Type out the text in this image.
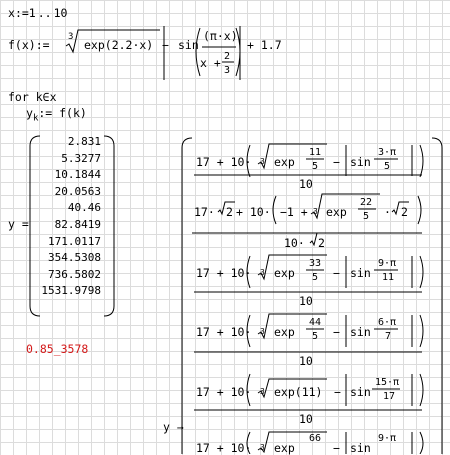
x:=1 .. 10
f(x):=
3
exp(2.2·x) − sin
(π·x)
x + 2
3
+ 1.7
for k∈x
$y_k:= f(k)$
y =
2.831
5.3277
10.1844
20.0563
40.46
82.8419
171.0117
354.5308
736.5802
1531.9798
0.85_3578
y →
17 + 10· 3 exp
11
5 − sin
3·π
5
10
17· 2 + 10· −1 + 3 exp
22
5 · 2
10· 2
17 + 10· 3 exp
33
5 − sin
9·π
11
10
17 + 10· 3 exp
44
5 − sin
6·π
7
10
17 + 10· 3 exp(11) − sin
15·π
17
10
17 + 10· 3 exp
66
− sin
9·π
